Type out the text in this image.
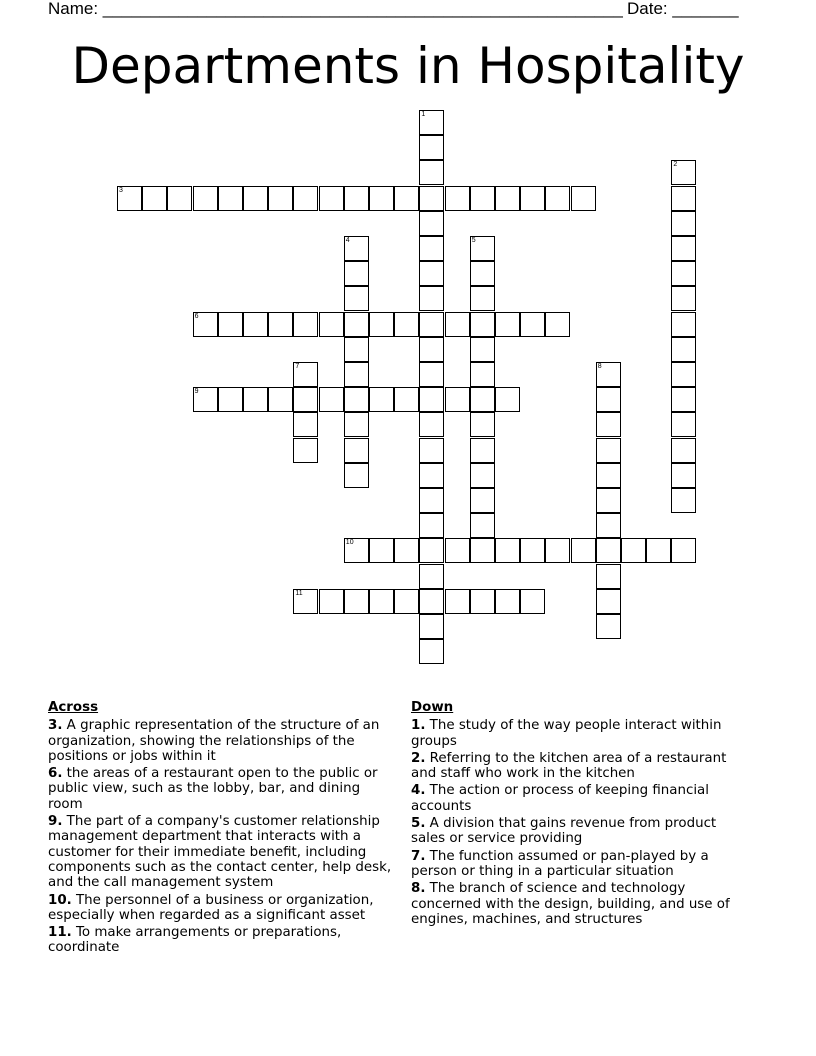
Name: _______________________________________________________ Date: _______
Departments in Hospitality
1
2
3
4	5
6
7	8
9
10
11
Across
3. A graphic representation of the structure of an organization, showing the relationships of the positions or jobs within it
6. the areas of a restaurant open to the public or public view, such as the lobby, bar, and dining room
9. The part of a company's customer relationship management department that interacts with a customer for their immediate benefit, including components such as the contact center, help desk, and the call management system
10. The personnel of a business or organization, especially when regarded as a significant asset
11. To make arrangements or preparations, coordinate
Down
1. The study of the way people interact within groups
2. Referring to the kitchen area of a restaurant and staff who work in the kitchen
4. The action or process of keeping financial accounts
5. A division that gains revenue from product sales or service providing
7. The function assumed or pan-played by a person or thing in a particular situation
8. The branch of science and technology concerned with the design, building, and use of engines, machines, and structures
